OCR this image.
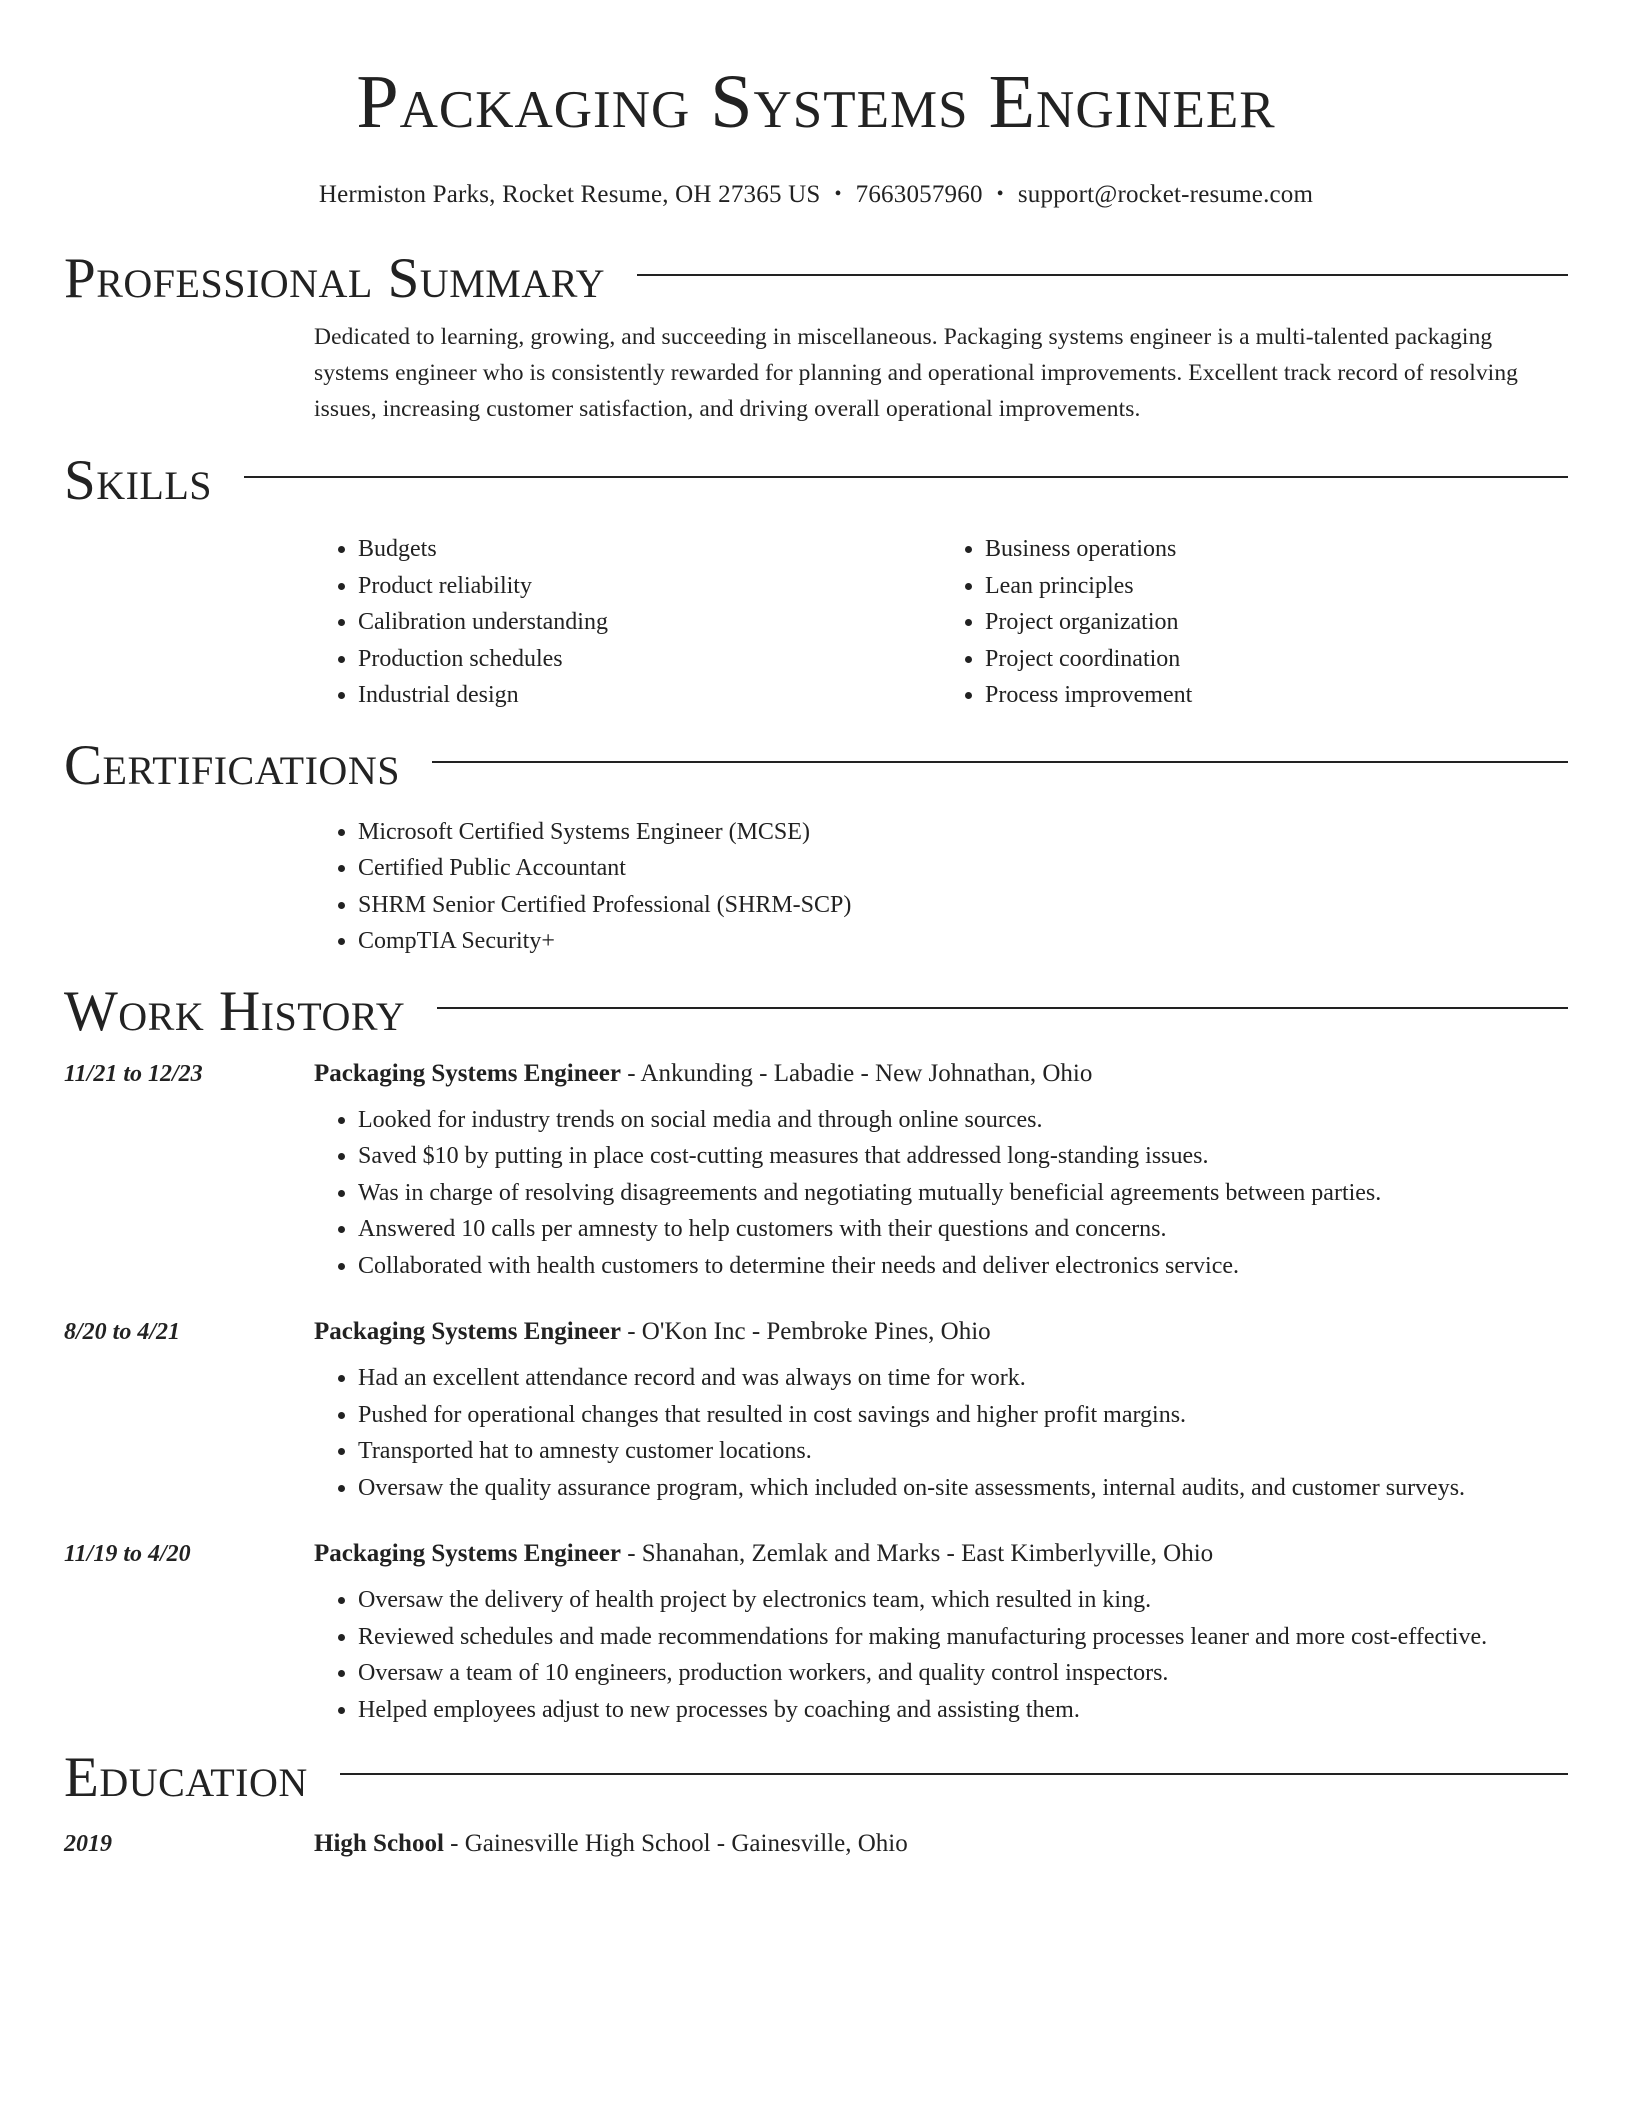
Packaging Systems Engineer
Hermiston Parks, Rocket Resume, OH 27365 US • 7663057960 • support@rocket-resume.com
Professional Summary

Dedicated to learning, growing, and succeeding in miscellaneous. Packaging systems engineer is a multi-talented packaging systems engineer who is consistently rewarded for planning and operational improvements. Excellent track record of resolving issues, increasing customer satisfaction, and driving overall operational improvements.

Skills
• Budgets
• Product reliability
• Calibration understanding
• Production schedules
• Industrial design
• Business operations
• Lean principles
• Project organization
• Project coordination
• Process improvement
Certifications
• Microsoft Certified Systems Engineer (MCSE)
• Certified Public Accountant
• SHRM Senior Certified Professional (SHRM-SCP)
• CompTIA Security+
Work History
11/21 to 12/23	Packaging Systems Engineer - Ankunding - Labadie - New Johnathan, Ohio
• Looked for industry trends on social media and through online sources.
• Saved $10 by putting in place cost-cutting measures that addressed long-standing issues.
• Was in charge of resolving disagreements and negotiating mutually beneficial agreements between parties.
• Answered 10 calls per amnesty to help customers with their questions and concerns.
• Collaborated with health customers to determine their needs and deliver electronics service.
8/20 to 4/21	Packaging Systems Engineer - O'Kon Inc - Pembroke Pines, Ohio
• Had an excellent attendance record and was always on time for work.
• Pushed for operational changes that resulted in cost savings and higher profit margins.
• Transported hat to amnesty customer locations.
• Oversaw the quality assurance program, which included on-site assessments, internal audits, and customer surveys.
11/19 to 4/20	Packaging Systems Engineer - Shanahan, Zemlak and Marks - East Kimberlyville, Ohio
• Oversaw the delivery of health project by electronics team, which resulted in king.
• Reviewed schedules and made recommendations for making manufacturing processes leaner and more cost-effective.
• Oversaw a team of 10 engineers, production workers, and quality control inspectors.
• Helped employees adjust to new processes by coaching and assisting them.
Education
2019	High School - Gainesville High School - Gainesville, Ohio
